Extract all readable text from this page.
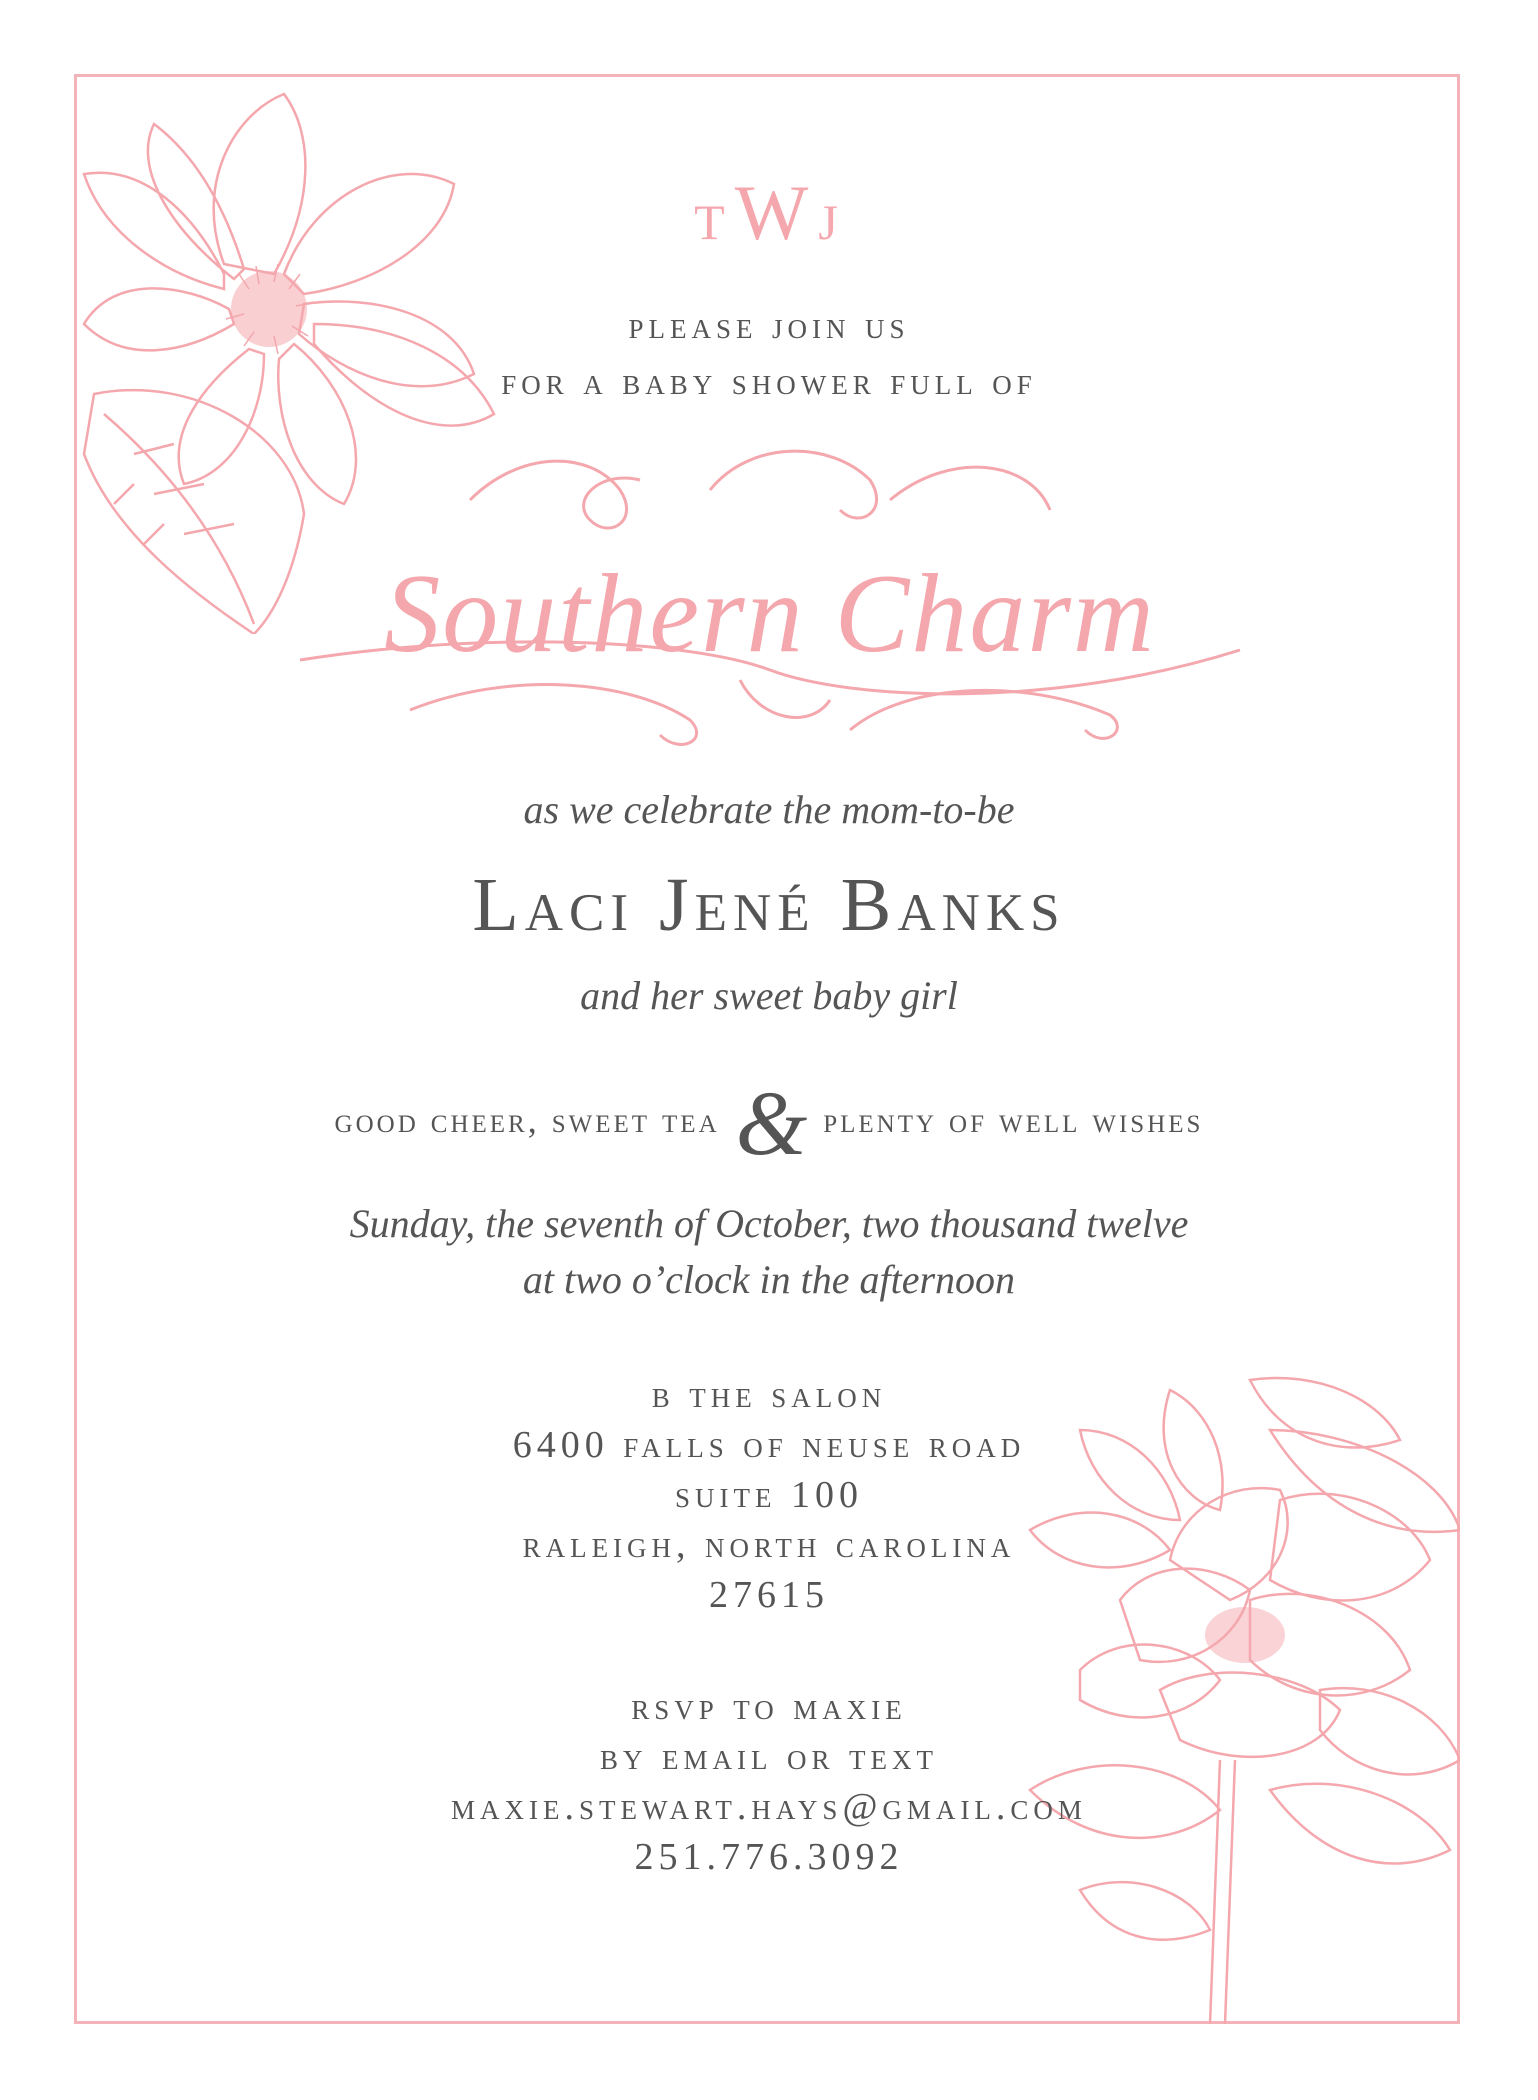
T W J
please join us
for a baby shower full of
Southern Charm
as we celebrate the mom-to-be
Laci Jené Banks
and her sweet baby girl
good cheer, sweet tea & plenty of well wishes
Sunday, the seventh of October, two thousand twelve
at two o’clock in the afternoon
b the salon
6400 falls of neuse road
suite 100
raleigh, north carolina
27615
rsvp to maxie
by email or text
maxie.stewart.hays@gmail.com
251.776.3092
